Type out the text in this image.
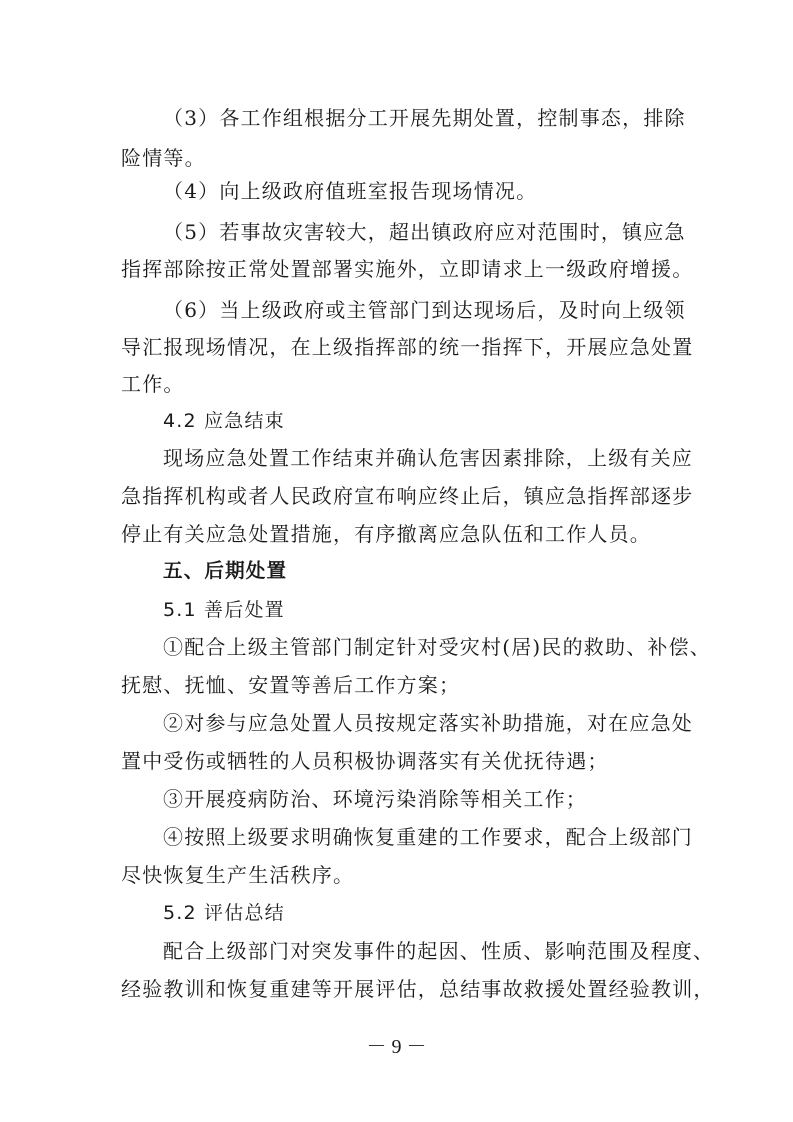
（3）各工作组根据分工开展先期处置，控制事态，排除
险情等。
（4）向上级政府值班室报告现场情况。
（5）若事故灾害较大，超出镇政府应对范围时，镇应急
指挥部除按正常处置部署实施外，立即请求上一级政府增援。
（6）当上级政府或主管部门到达现场后，及时向上级领
导汇报现场情况，在上级指挥部的统一指挥下，开展应急处置
工作。
4.2 应急结束
现场应急处置工作结束并确认危害因素排除，上级有关应
急指挥机构或者人民政府宣布响应终止后，镇应急指挥部逐步
停止有关应急处置措施，有序撤离应急队伍和工作人员。
五、后期处置
5.1 善后处置
①配合上级主管部门制定针对受灾村(居)民的救助、补偿、
抚慰、抚恤、安置等善后工作方案；
②对参与应急处置人员按规定落实补助措施，对在应急处
置中受伤或牺牲的人员积极协调落实有关优抚待遇；
③开展疫病防治、环境污染消除等相关工作；
④按照上级要求明确恢复重建的工作要求，配合上级部门
尽快恢复生产生活秩序。
5.2 评估总结
配合上级部门对突发事件的起因、性质、影响范围及程度、
经验教训和恢复重建等开展评估，总结事故救援处置经验教训，
－ 9 －
